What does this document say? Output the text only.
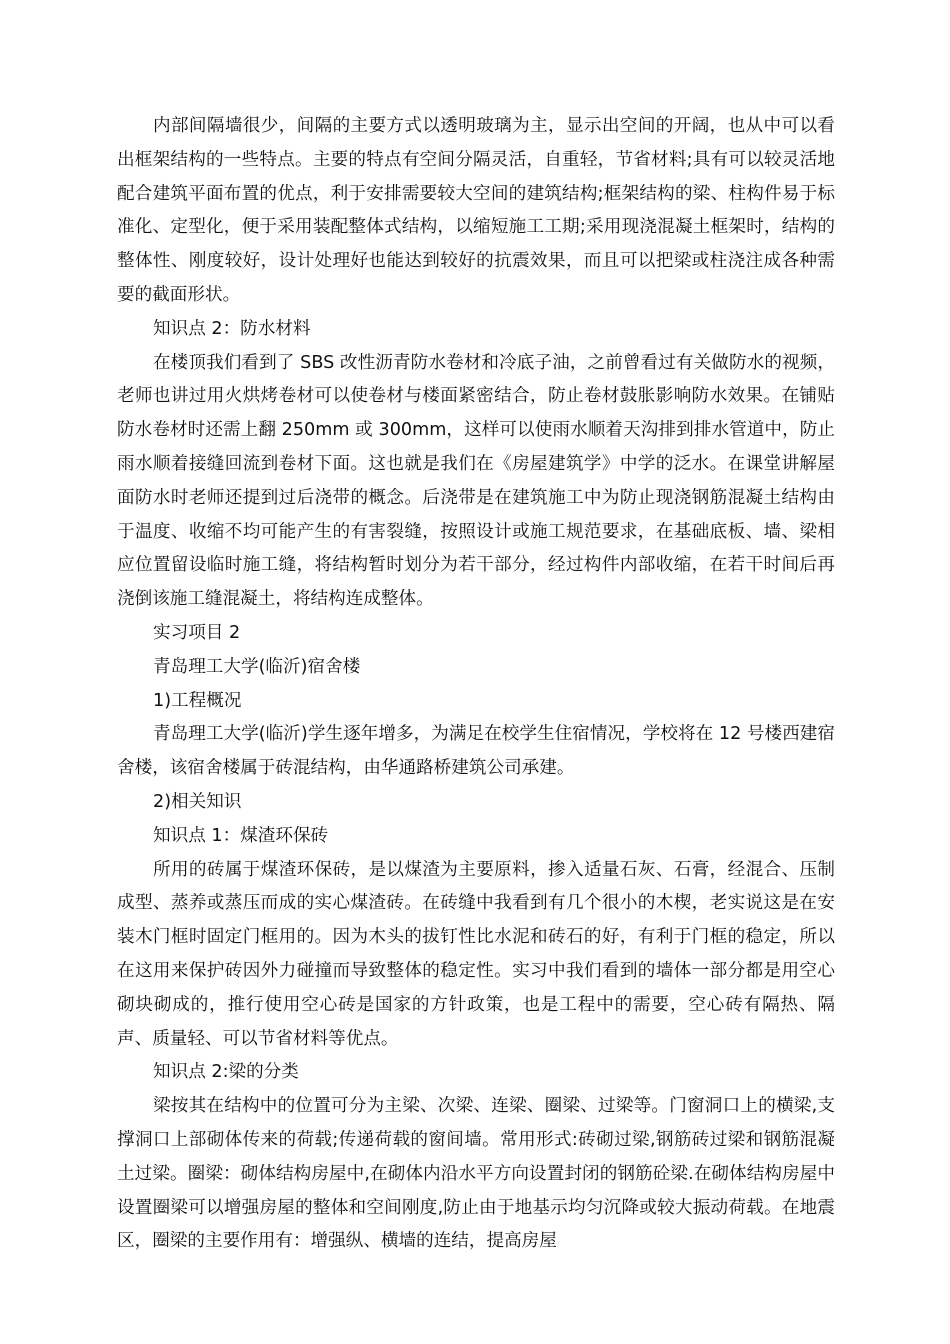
内部间隔墙很少，间隔的主要方式以透明玻璃为主，显示出空间的开阔，也从中可以看出框架结构的一些特点。主要的特点有空间分隔灵活，自重轻，节省材料;具有可以较灵活地配合建筑平面布置的优点，利于安排需要较大空间的建筑结构;框架结构的梁、柱构件易于标准化、定型化，便于采用装配整体式结构，以缩短施工工期;采用现浇混凝土框架时，结构的整体性、刚度较好，设计处理好也能达到较好的抗震效果，而且可以把梁或柱浇注成各种需要的截面形状。

知识点 2：防水材料

在楼顶我们看到了 SBS 改性沥青防水卷材和冷底子油，之前曾看过有关做防水的视频，老师也讲过用火烘烤卷材可以使卷材与楼面紧密结合，防止卷材鼓胀影响防水效果。在铺贴防水卷材时还需上翻 250mm 或 300mm，这样可以使雨水顺着天沟排到排水管道中，防止雨水顺着接缝回流到卷材下面。这也就是我们在《房屋建筑学》中学的泛水。在课堂讲解屋面防水时老师还提到过后浇带的概念。后浇带是在建筑施工中为防止现浇钢筋混凝土结构由于温度、收缩不均可能产生的有害裂缝，按照设计或施工规范要求，在基础底板、墙、梁相应位置留设临时施工缝，将结构暂时划分为若干部分，经过构件内部收缩，在若干时间后再浇倒该施工缝混凝土，将结构连成整体。

实习项目 2

青岛理工大学(临沂)宿舍楼

1)工程概况

青岛理工大学(临沂)学生逐年增多，为满足在校学生住宿情况，学校将在 12 号楼西建宿舍楼，该宿舍楼属于砖混结构，由华通路桥建筑公司承建。

2)相关知识

知识点 1：煤渣环保砖

所用的砖属于煤渣环保砖，是以煤渣为主要原料，掺入适量石灰、石膏，经混合、压制成型、蒸养或蒸压而成的实心煤渣砖。在砖缝中我看到有几个很小的木楔，老实说这是在安装木门框时固定门框用的。因为木头的拔钉性比水泥和砖石的好，有利于门框的稳定，所以在这用来保护砖因外力碰撞而导致整体的稳定性。实习中我们看到的墙体一部分都是用空心砌块砌成的，推行使用空心砖是国家的方针政策，也是工程中的需要，空心砖有隔热、隔声、质量轻、可以节省材料等优点。

知识点 2:梁的分类

梁按其在结构中的位置可分为主梁、次梁、连梁、圈梁、过梁等。门窗洞口上的横梁,支撑洞口上部砌体传来的荷载;传递荷载的窗间墙。常用形式:砖砌过梁,钢筋砖过梁和钢筋混凝土过梁。圈梁：砌体结构房屋中,在砌体内沿水平方向设置封闭的钢筋砼梁.在砌体结构房屋中设置圈梁可以增强房屋的整体和空间刚度,防止由于地基示均匀沉降或较大振动荷载。在地震区，圈梁的主要作用有：增强纵、横墙的连结，提高房屋
